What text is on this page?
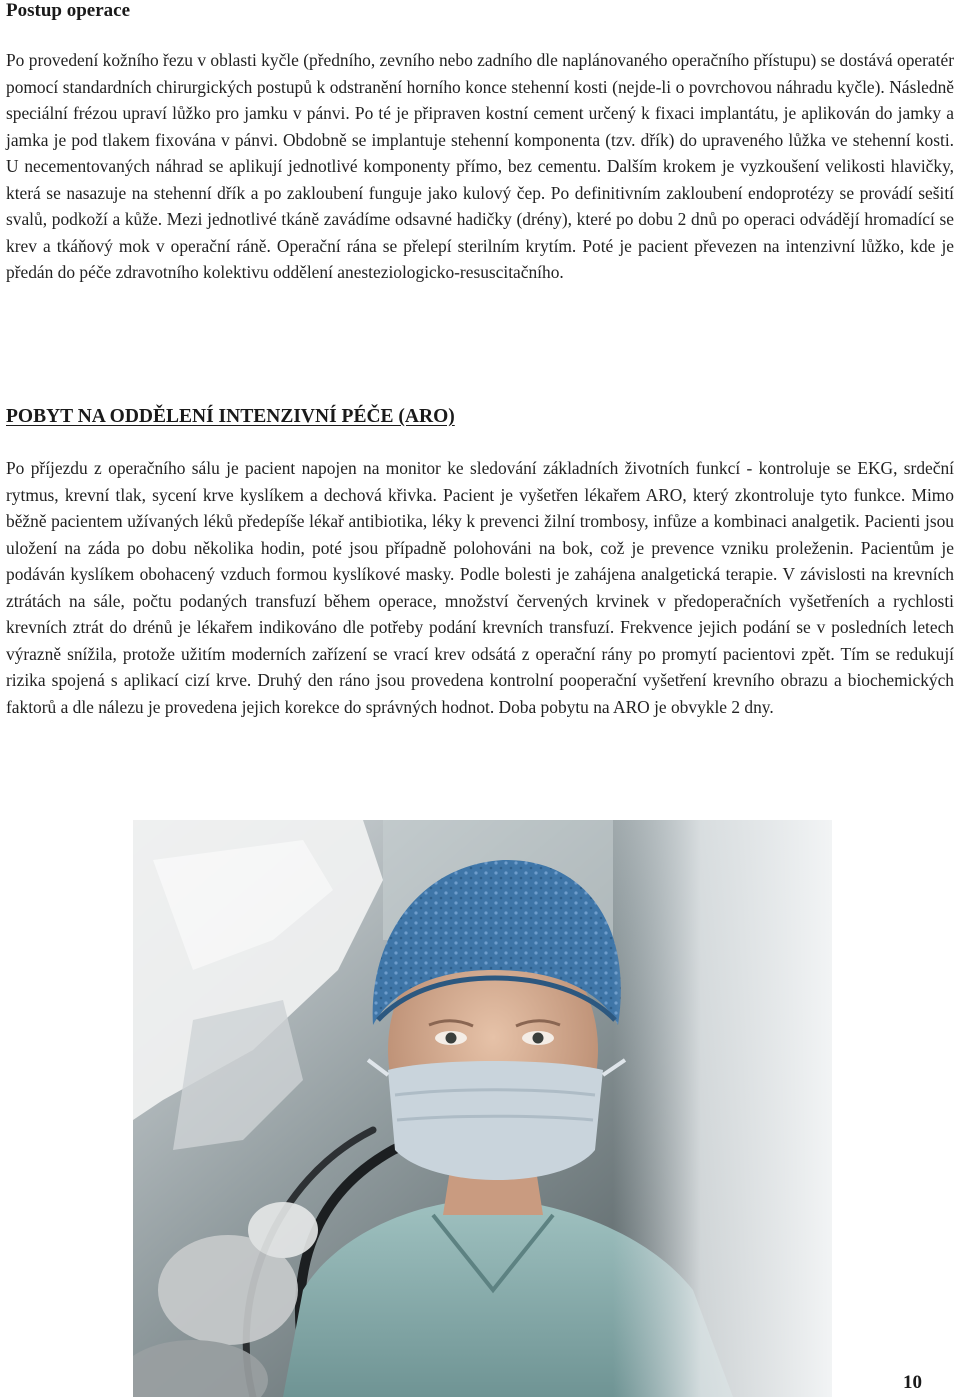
Postup operace

Po provedení kožního řezu v oblasti kyčle (předního, zevního nebo zadního dle naplánovaného operačního přístupu) se dostává operatér pomocí standardních chirurgických postupů k odstranění horního konce stehenní kosti (nejde-li o povrchovou náhradu kyčle). Následně speciální frézou upraví lůžko pro jamku v pánvi. Po té je připraven kostní cement určený k fixaci implantátu, je aplikován do jamky a jamka je pod tlakem fixována v pánvi. Obdobně se implantuje stehenní komponenta (tzv. dřík) do upraveného lůžka ve stehenní kosti. U necementovaných náhrad se aplikují jednotlivé komponenty přímo, bez cementu. Dalším krokem je vyzkoušení velikosti hlavičky, která se nasazuje na stehenní dřík a po zakloubení funguje jako kulový čep. Po definitivním zakloubení endoprotézy se provádí sešití svalů, podkoží a kůže. Mezi jednotlivé tkáně zavádíme odsavné hadičky (drény), které po dobu 2 dnů po operaci odvádějí hromadící se krev a tkáňový mok v operační ráně. Operační rána se přelepí sterilním krytím. Poté je pacient převezen na intenzivní lůžko, kde je předán do péče zdravotního kolektivu oddělení anesteziologicko-resuscitačního.

POBYT NA ODDĚLENÍ INTENZIVNÍ PÉČE (ARO)

Po příjezdu z operačního sálu je pacient napojen na monitor ke sledování základních životních funkcí - kontroluje se EKG, srdeční rytmus, krevní tlak, sycení krve kyslíkem a dechová křivka. Pacient je vyšetřen lékařem ARO, který zkontroluje tyto funkce. Mimo běžně pacientem užívaných léků předepíše lékař antibiotika, léky k prevenci žilní trombosy, infůze a kombinaci analgetik. Pacienti jsou uložení na záda po dobu několika hodin, poté jsou případně polohováni na bok, což je prevence vzniku proleženin. Pacientům je podáván kyslíkem obohacený vzduch formou kyslíkové masky. Podle bolesti je zahájena analgetická terapie. V závislosti na krevních ztrátách na sále, počtu podaných transfuzí během operace, množství červených krvinek v předoperačních vyšetřeních a rychlosti krevních ztrát do drénů je lékařem indikováno dle potřeby podání krevních transfuzí. Frekvence jejich podání se v posledních letech výrazně snížila, protože užitím moderních zařízení se vrací krev odsátá z operační rány po promytí pacientovi zpět. Tím se redukují rizika spojená s aplikací cizí krve. Druhý den ráno jsou provedena kontrolní pooperační vyšetření krevního obrazu a biochemických faktorů a dle nálezu je provedena jejich korekce do správných hodnot. Doba pobytu na ARO je obvykle 2 dny.

10
